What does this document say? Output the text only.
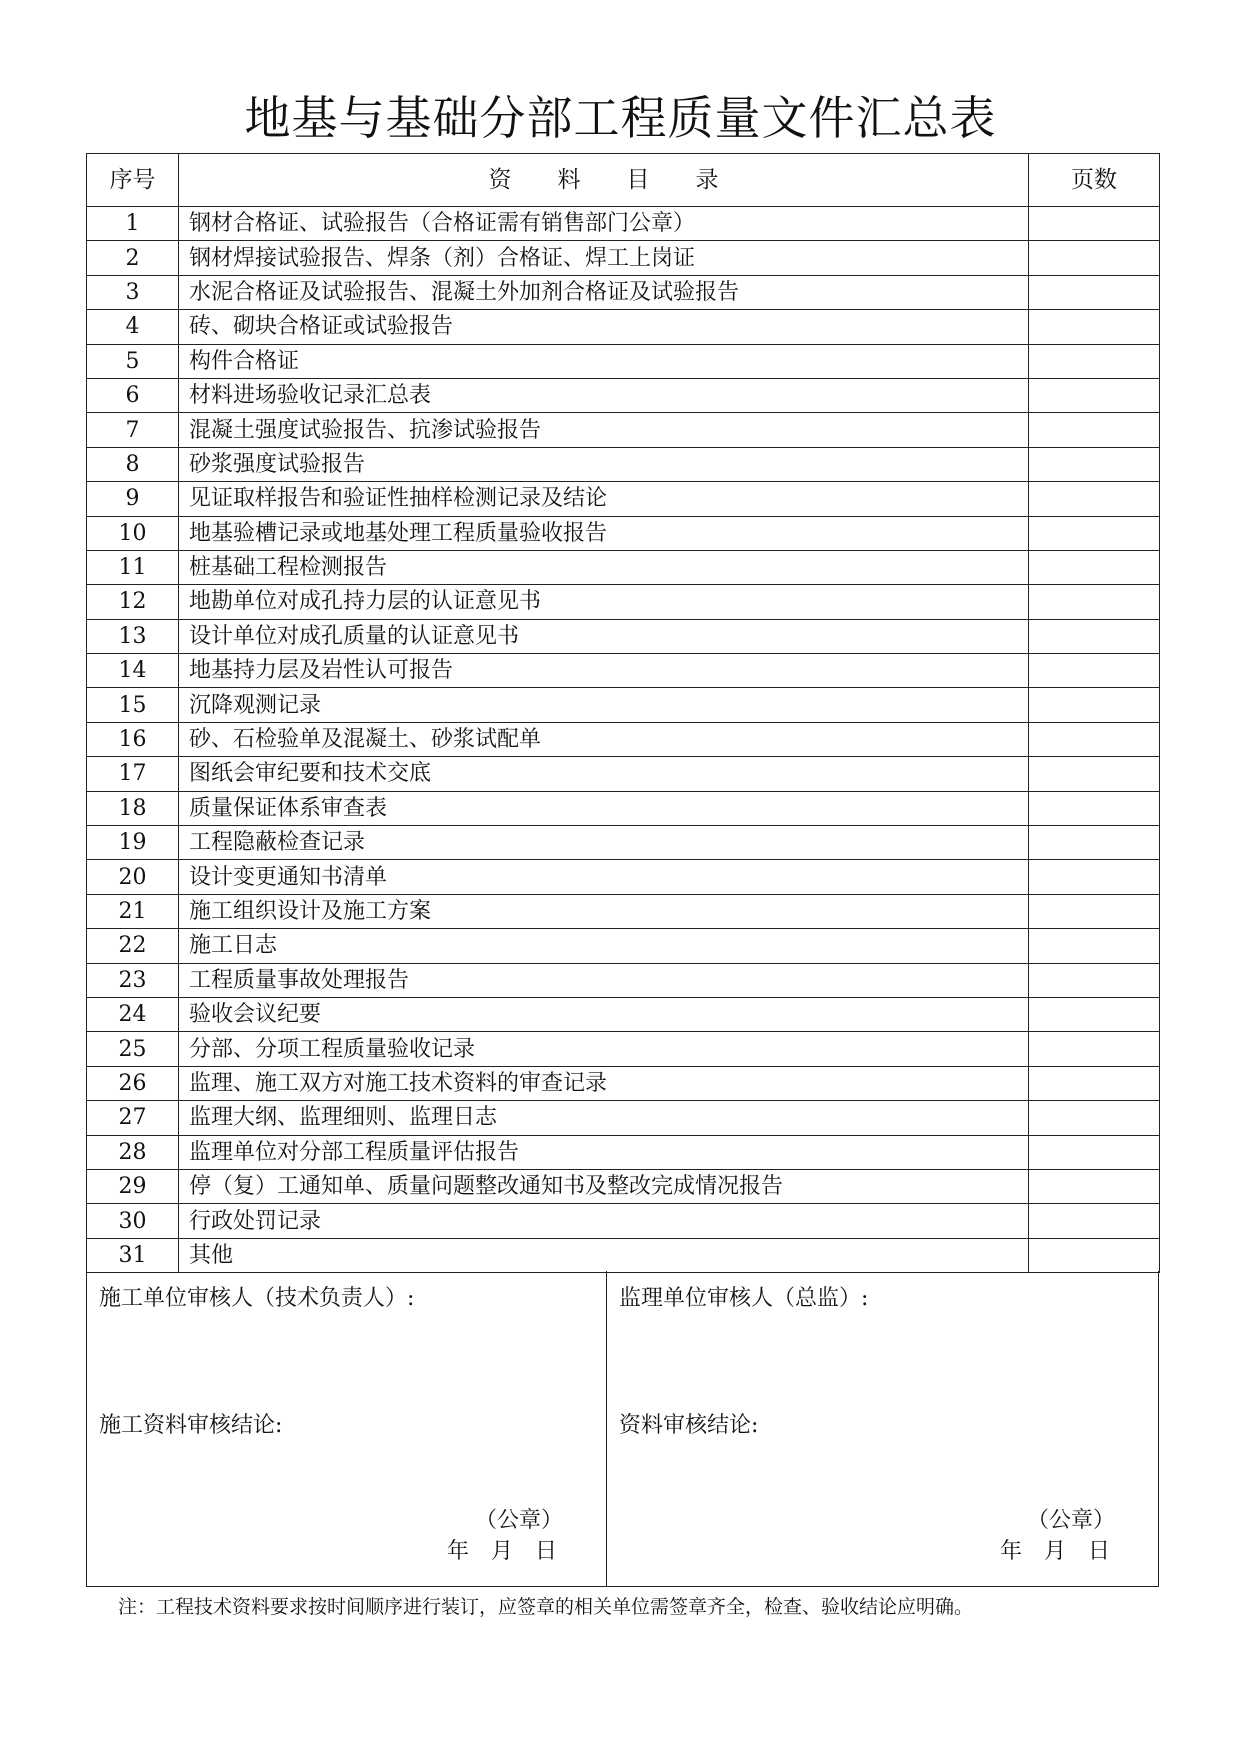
地基与基础分部工程质量文件汇总表
序号	资　　料　　目　　录	页数
1	钢材合格证、试验报告（合格证需有销售部门公章）	
2	钢材焊接试验报告、焊条（剂）合格证、焊工上岗证	
3	水泥合格证及试验报告、混凝土外加剂合格证及试验报告	
4	砖、砌块合格证或试验报告	
5	构件合格证	
6	材料进场验收记录汇总表	
7	混凝土强度试验报告、抗渗试验报告	
8	砂浆强度试验报告	
9	见证取样报告和验证性抽样检测记录及结论	
10	地基验槽记录或地基处理工程质量验收报告	
11	桩基础工程检测报告	
12	地勘单位对成孔持力层的认证意见书	
13	设计单位对成孔质量的认证意见书	
14	地基持力层及岩性认可报告	
15	沉降观测记录	
16	砂、石检验单及混凝土、砂浆试配单	
17	图纸会审纪要和技术交底	
18	质量保证体系审查表	
19	工程隐蔽检查记录	
20	设计变更通知书清单	
21	施工组织设计及施工方案	
22	施工日志	
23	工程质量事故处理报告	
24	验收会议纪要	
25	分部、分项工程质量验收记录	
26	监理、施工双方对施工技术资料的审查记录	
27	监理大纲、监理细则、监理日志	
28	监理单位对分部工程质量评估报告	
29	停（复）工通知单、质量问题整改通知书及整改完成情况报告	
30	行政处罚记录	
31	其他	
施工单位审核人（技术负责人）:
施工资料审核结论:
（公章）
年　月　日
监理单位审核人（总监）:
资料审核结论:
（公章）
年　月　日
注：工程技术资料要求按时间顺序进行装订，应签章的相关单位需签章齐全，检查、验收结论应明确。
